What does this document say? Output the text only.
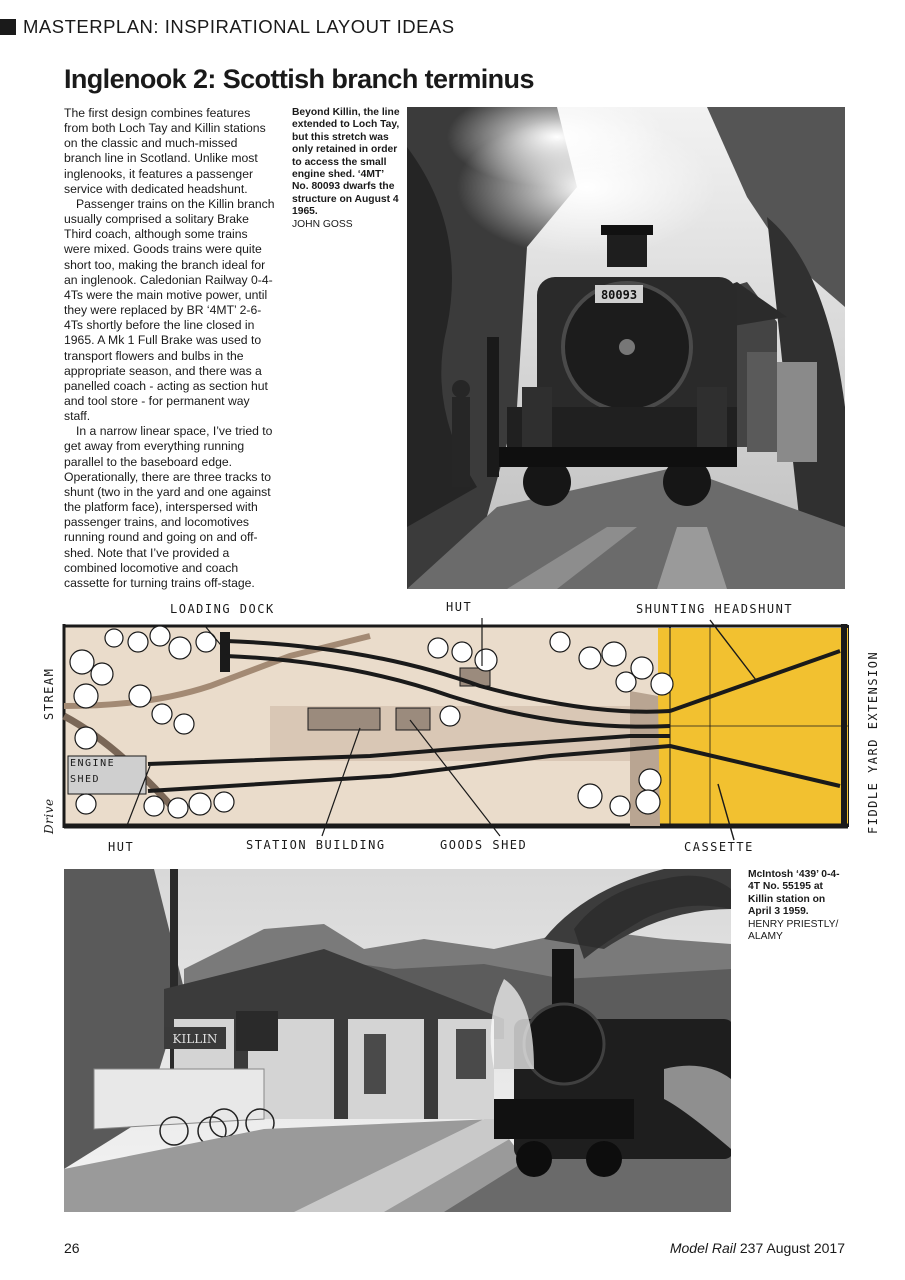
MASTERPLAN: INSPIRATIONAL LAYOUT IDEAS
Inglenook 2: Scottish branch terminus

The first design combines features from both Loch Tay and Killin stations on the classic and much-missed branch line in Scotland. Unlike most inglenooks, it features a passenger service with dedicated headshunt.

Passenger trains on the Killin branch usually comprised a solitary Brake Third coach, although some trains were mixed. Goods trains were quite short too, making the branch ideal for an inglenook. Caledonian Railway 0-4-4Ts were the main motive power, until they were replaced by BR ‘4MT’ 2-6-4Ts shortly before the line closed in 1965. A Mk 1 Full Brake was used to transport flowers and bulbs in the appropriate season, and there was a panelled coach - acting as section hut and tool store - for permanent way staff.

In a narrow linear space, I’ve tried to get away from everything running parallel to the baseboard edge. Operationally, there are three tracks to shunt (two in the yard and one against the platform face), interspersed with passenger trains, and locomotives running round and going on and off-shed. Note that I’ve provided a combined locomotive and coach cassette for turning trains off-stage.

Beyond Killin, the line extended to Loch Tay, but this stretch was only retained in order to access the small engine shed. ‘4MT’ No. 80093 dwarfs the structure on August 4 1965.
JOHN GOSS
80093
LOADING DOCK	HUT	SHUNTING HEADSHUNT
STREAM
ENGINE
SHED
Drive
HUT	STATION BUILDING	GOODS SHED	CASSETTE
FIDDLE YARD EXTENSION
KILLIN
McIntosh ‘439’ 0-4-4T No. 55195 at Killin station on April 3 1959.
HENRY PRIESTLY/ ALAMY
26	Model Rail 237 August 2017
